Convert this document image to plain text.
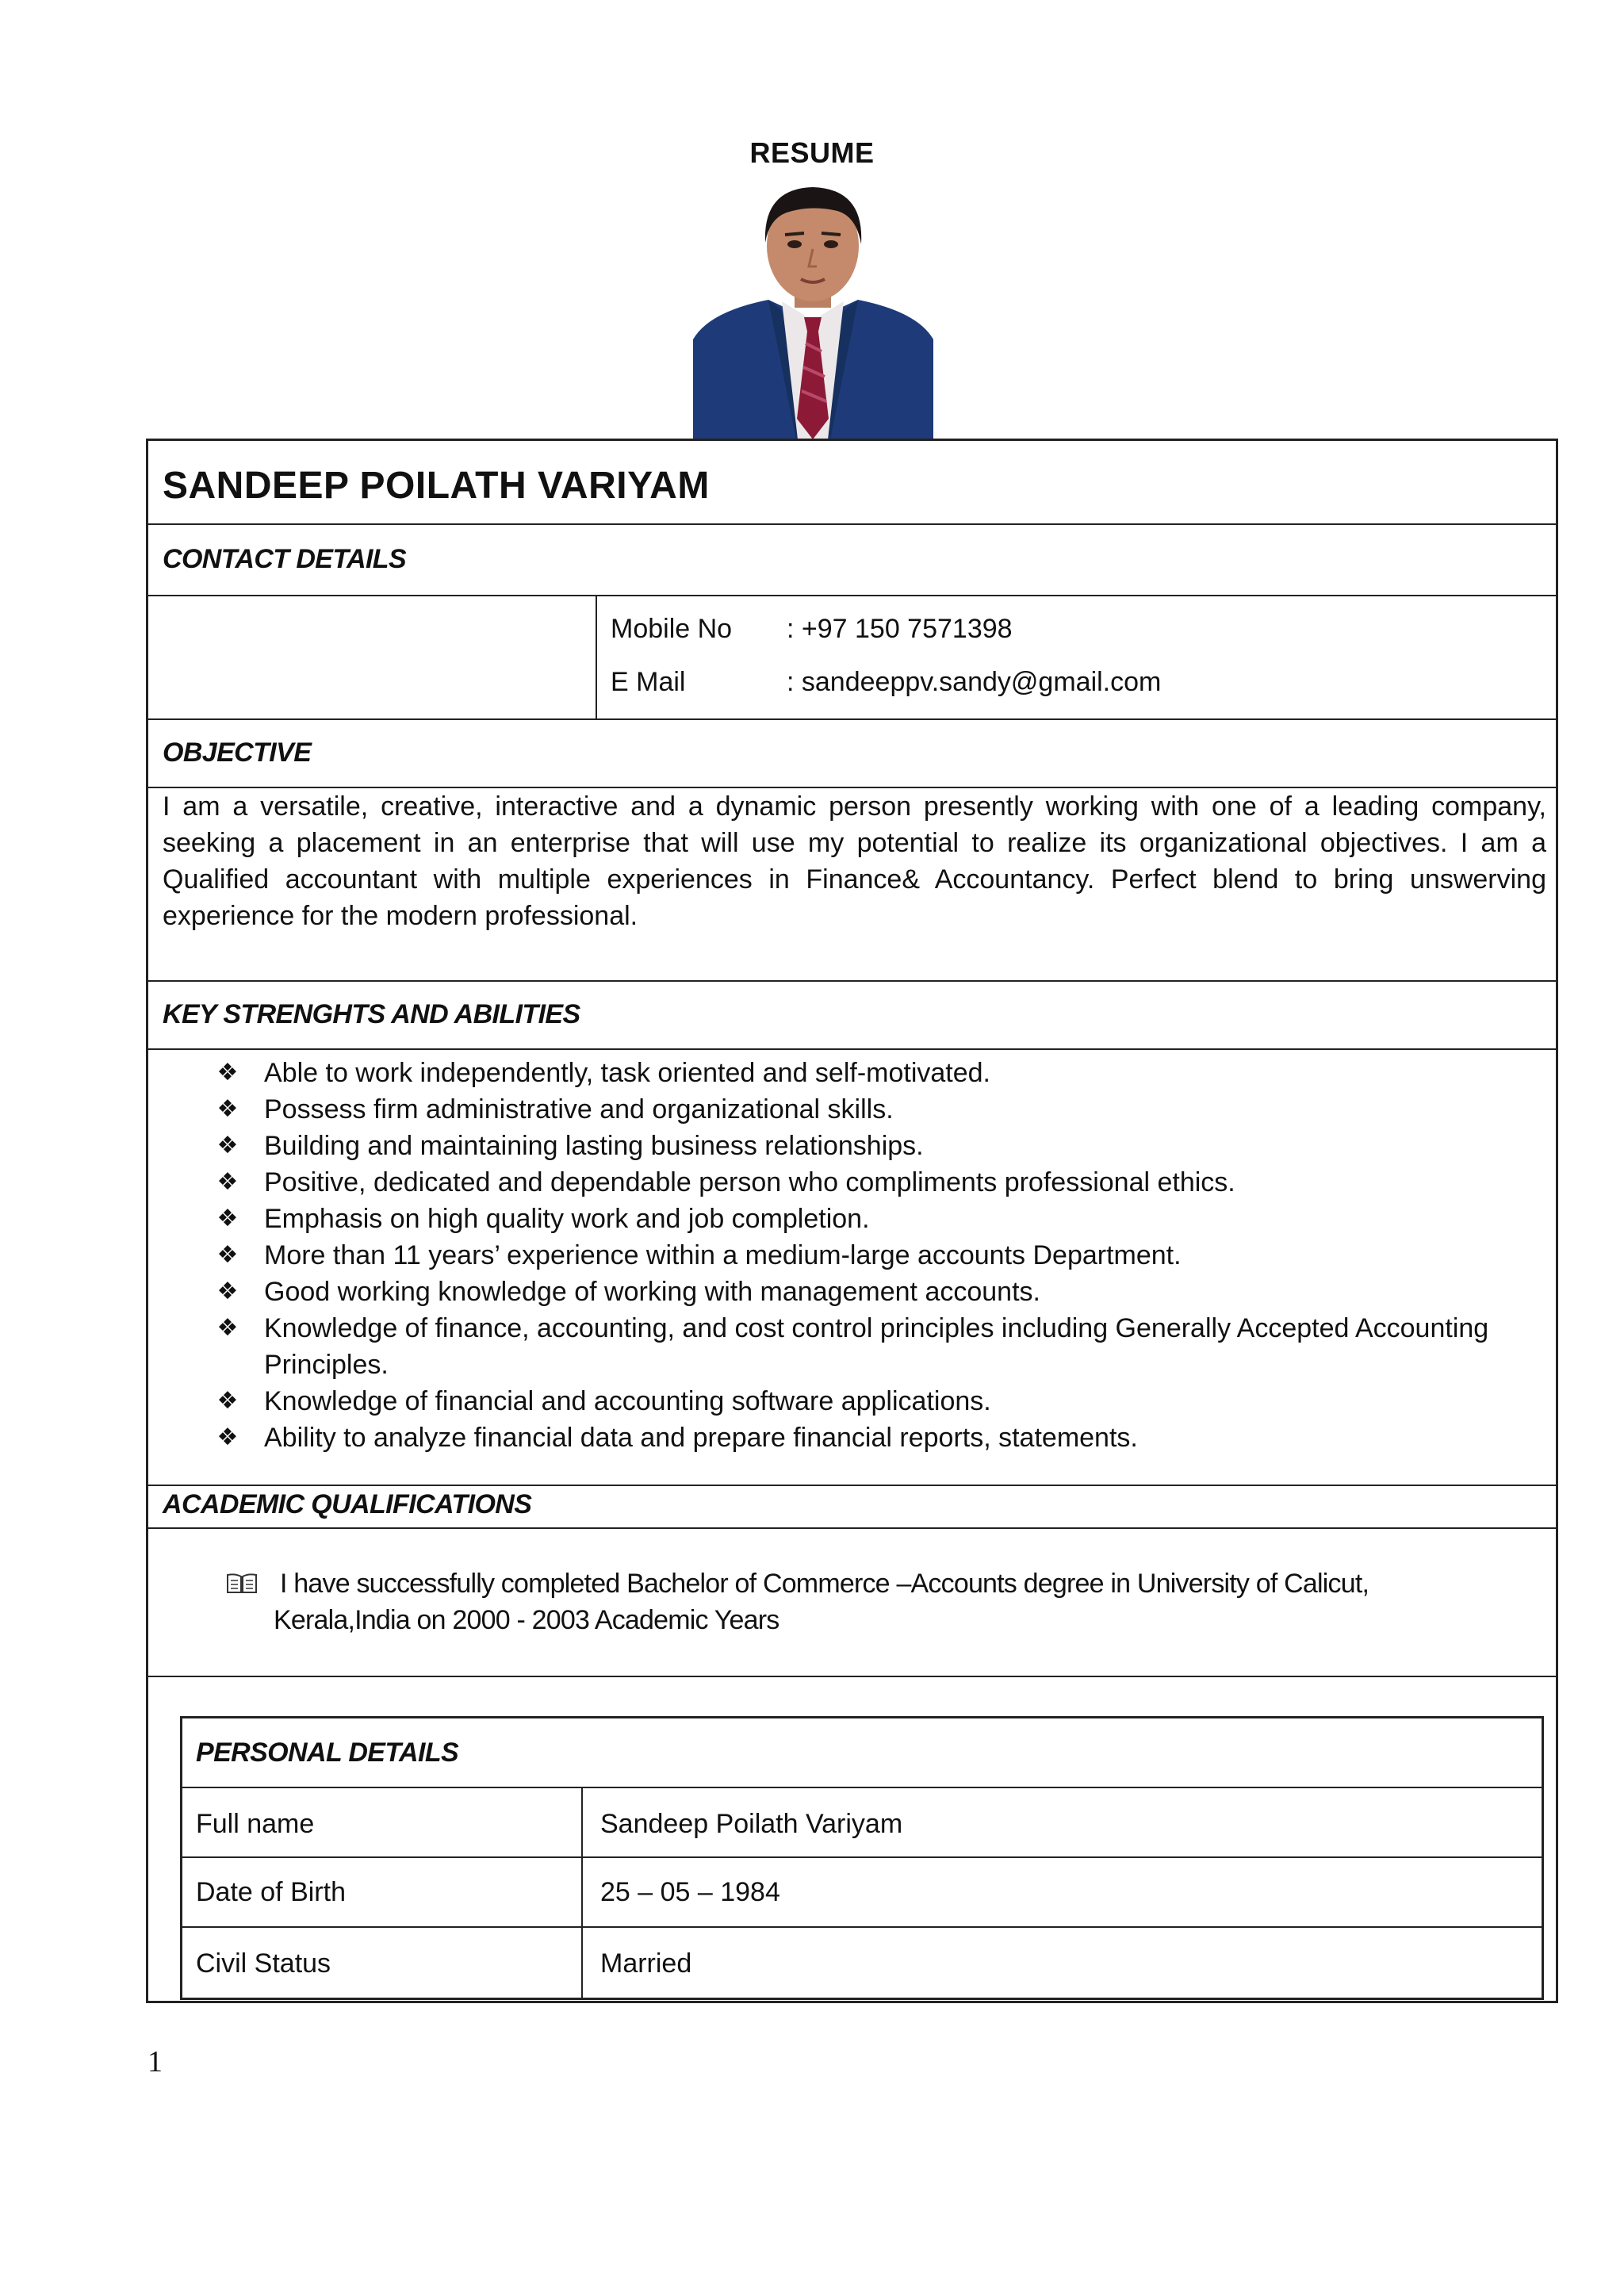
RESUME
SANDEEP POILATH VARIYAM
CONTACT DETAILS
Mobile No : +97 150 7571398
E Mail	: sandeeppv.sandy@gmail.com
OBJECTIVE

I am a versatile, creative, interactive and a dynamic person presently working with one of a leading company, seeking a placement in an enterprise that will use my potential to realize its organizational objectives. I am a Qualified accountant with multiple experiences in Finance& Accountancy. Perfect blend to bring unswerving experience for the modern professional.

KEY STRENGHTS AND ABILITIES
❖ Able to work independently, task oriented and self-motivated.
❖ Possess firm administrative and organizational skills.
❖ Building and maintaining lasting business relationships.
❖ Positive, dedicated and dependable person who compliments professional ethics.
❖ Emphasis on high quality work and job completion.
❖ More than 11 years’ experience within a medium-large accounts Department.
❖ Good working knowledge of working with management accounts.
❖ Knowledge of finance, accounting, and cost control principles including Generally Accepted Accounting Principles.
❖ Knowledge of financial and accounting software applications.
❖ Ability to analyze financial data and prepare financial reports, statements.
ACADEMIC QUALIFICATIONS
I have successfully completed Bachelor of Commerce –Accounts degree in University of Calicut,
Kerala,India on 2000 - 2003 Academic Years
PERSONAL DETAILS
Full name	Sandeep Poilath Variyam
Date of Birth	25 – 05 – 1984
Civil Status	Married
1
